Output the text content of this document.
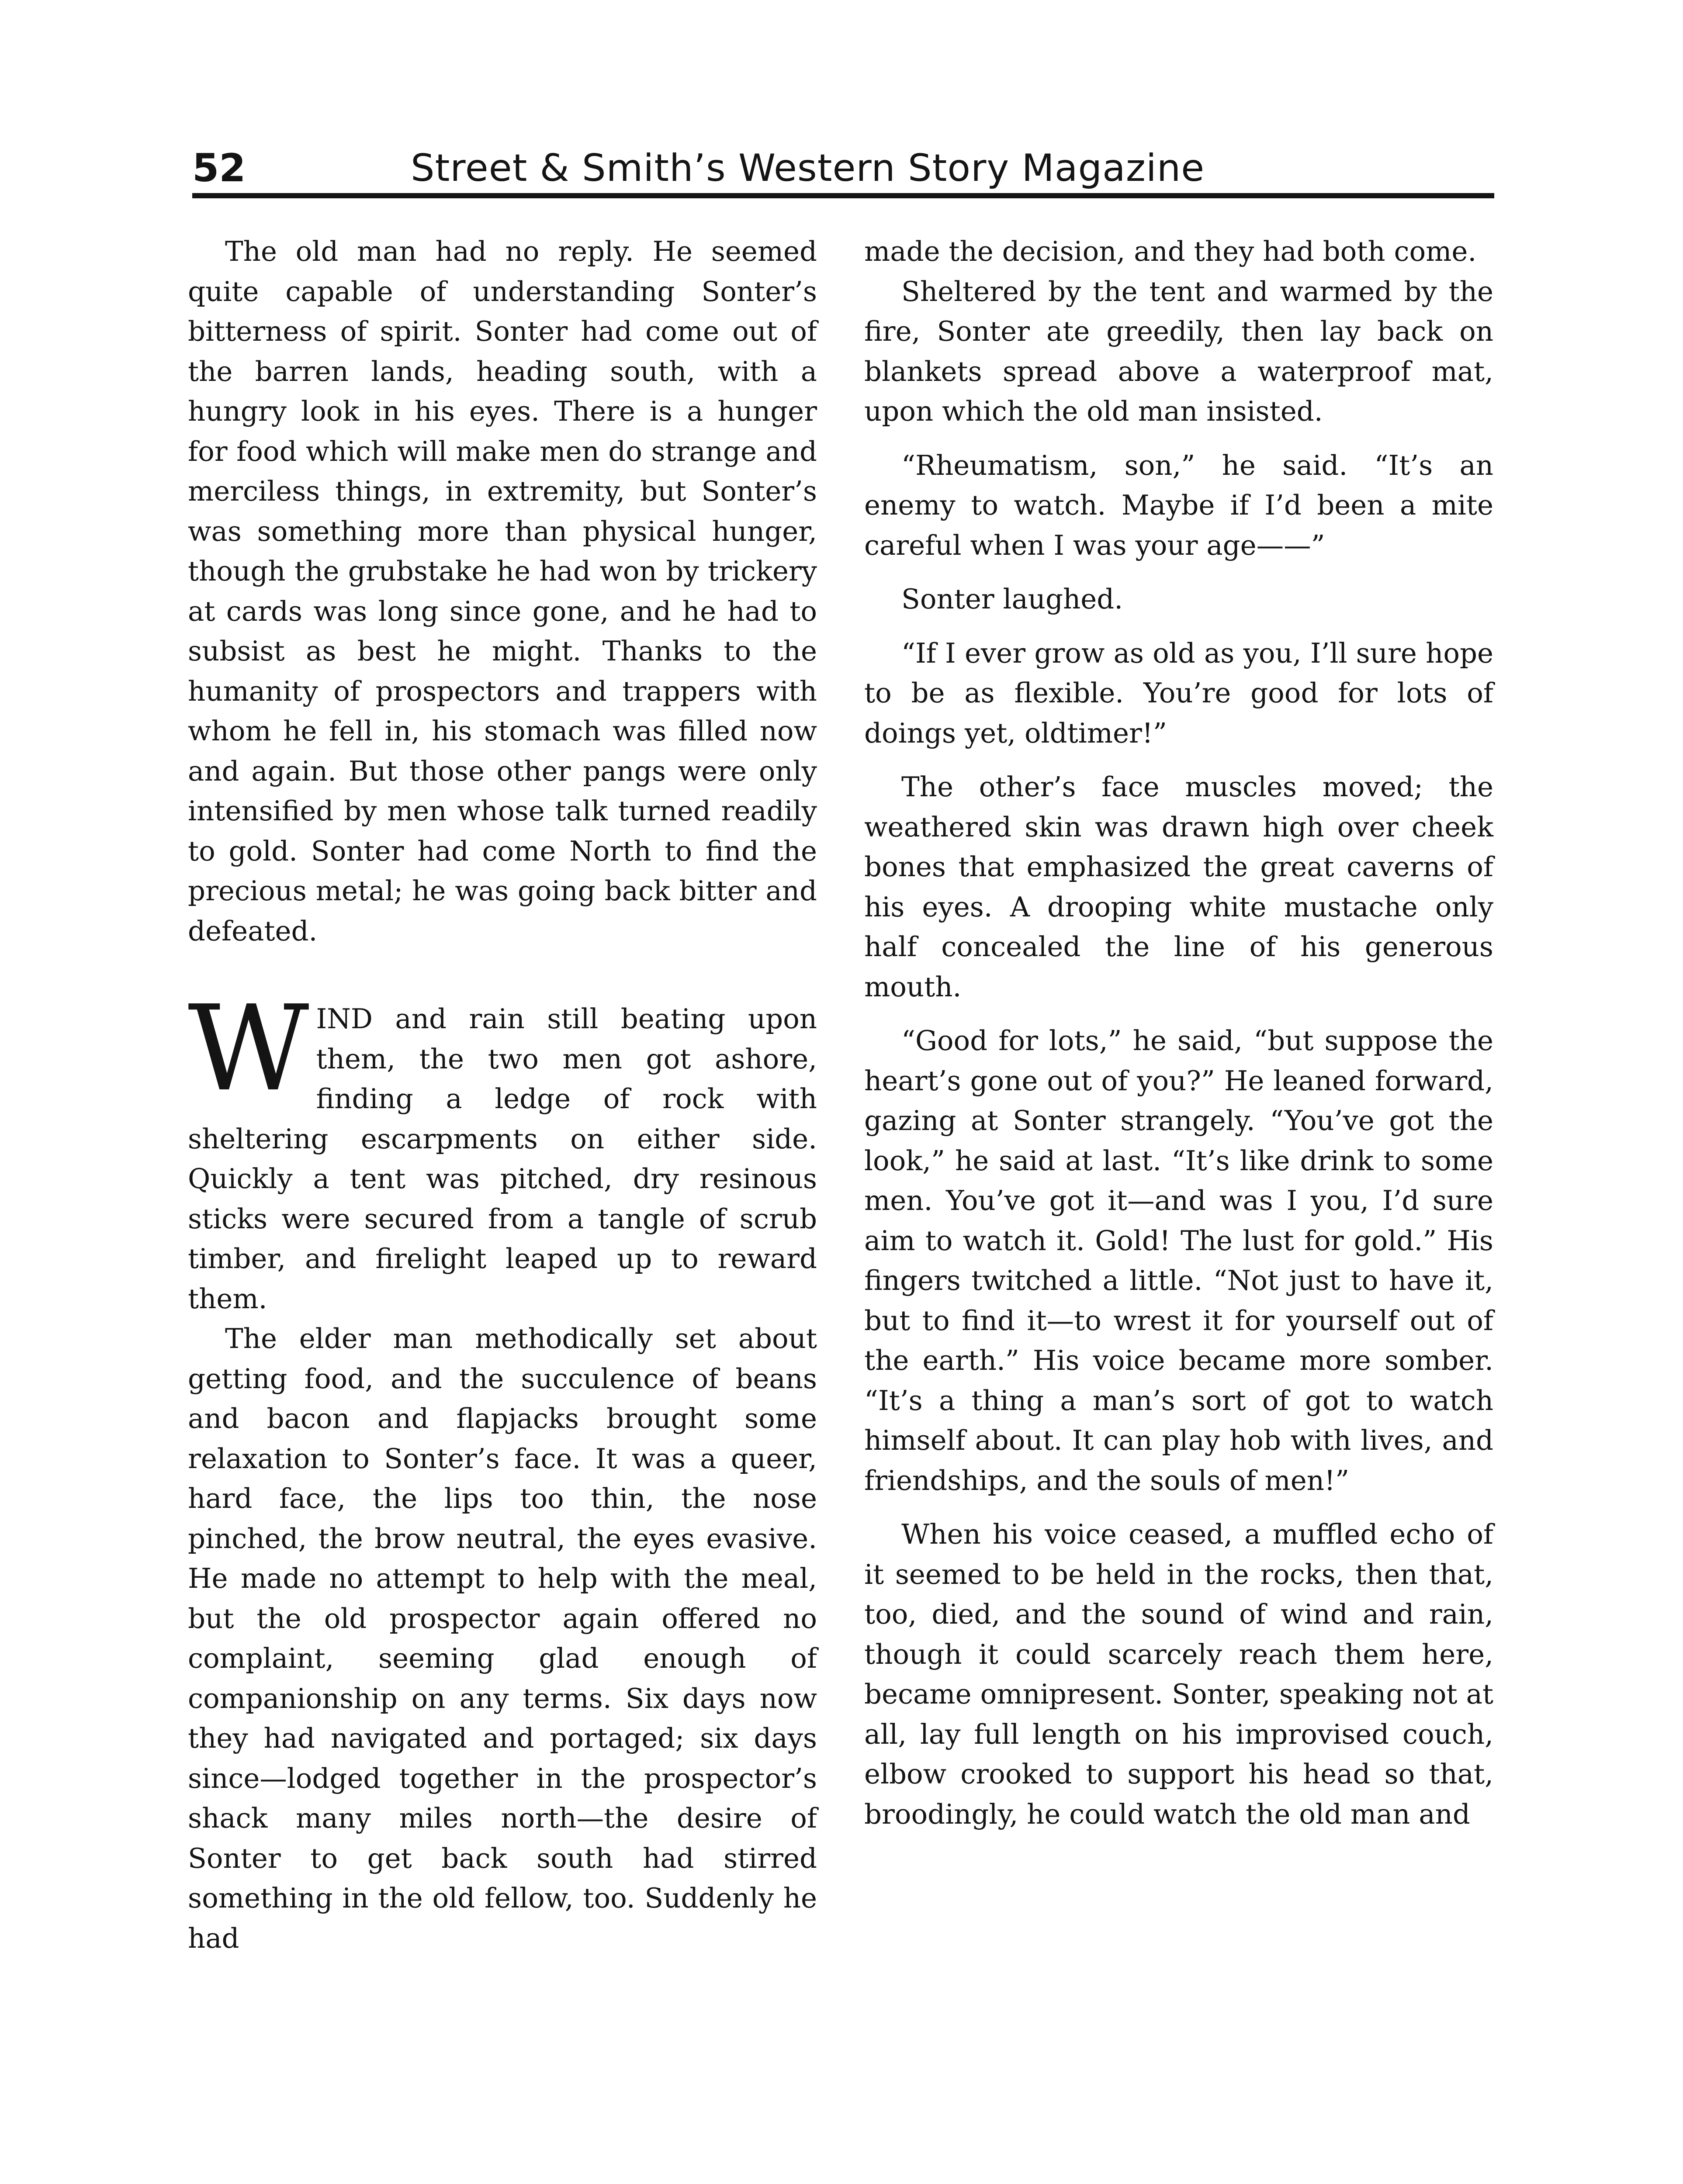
52	Street & Smith’s Western Story Magazine

The old man had no reply. He seemed quite capable of understanding Sonter’s bitterness of spirit. Sonter had come out of the barren lands, heading south, with a hungry look in his eyes. There is a hunger for food which will make men do strange and merciless things, in extremity, but Sonter’s was something more than physical hunger, though the grubstake he had won by trickery at cards was long since gone, and he had to subsist as best he might. Thanks to the humanity of prospectors and trappers with whom he fell in, his stomach was filled now and again. But those other pangs were only intensified by men whose talk turned readily to gold. Sonter had come North to find the precious metal; he was going back bitter and defeated.

WIND and rain still beating upon them, the two men got ashore, finding a ledge of rock with sheltering escarpments on either side. Quickly a tent was pitched, dry resinous sticks were secured from a tangle of scrub timber, and firelight leaped up to reward them.

The elder man methodically set about getting food, and the succulence of beans and bacon and flapjacks brought some relaxation to Sonter’s face. It was a queer, hard face, the lips too thin, the nose pinched, the brow neutral, the eyes evasive. He made no attempt to help with the meal, but the old prospector again offered no complaint, seeming glad enough of companionship on any terms. Six days now they had navigated and portaged; six days since—lodged together in the prospector’s shack many miles north—the desire of Sonter to get back south had stirred something in the old fellow, too. Suddenly he had

made the decision, and they had both come.

Sheltered by the tent and warmed by the fire, Sonter ate greedily, then lay back on blankets spread above a waterproof mat, upon which the old man insisted.

“Rheumatism, son,” he said. “It’s an enemy to watch. Maybe if I’d been a mite careful when I was your age——”

Sonter laughed.

“If I ever grow as old as you, I’ll sure hope to be as flexible. You’re good for lots of doings yet, oldtimer!”

The other’s face muscles moved; the weathered skin was drawn high over cheek bones that emphasized the great caverns of his eyes. A drooping white mustache only half concealed the line of his generous mouth.

“Good for lots,” he said, “but suppose the heart’s gone out of you?” He leaned forward, gazing at Sonter strangely. “You’ve got the look,” he said at last. “It’s like drink to some men. You’ve got it—and was I you, I’d sure aim to watch it. Gold! The lust for gold.” His fingers twitched a little. “Not just to have it, but to find it—to wrest it for yourself out of the earth.” His voice became more somber. “It’s a thing a man’s sort of got to watch himself about. It can play hob with lives, and friendships, and the souls of men!”

When his voice ceased, a muffled echo of it seemed to be held in the rocks, then that, too, died, and the sound of wind and rain, though it could scarcely reach them here, became omnipresent. Sonter, speaking not at all, lay full length on his improvised couch, elbow crooked to support his head so that, broodingly, he could watch the old man and
